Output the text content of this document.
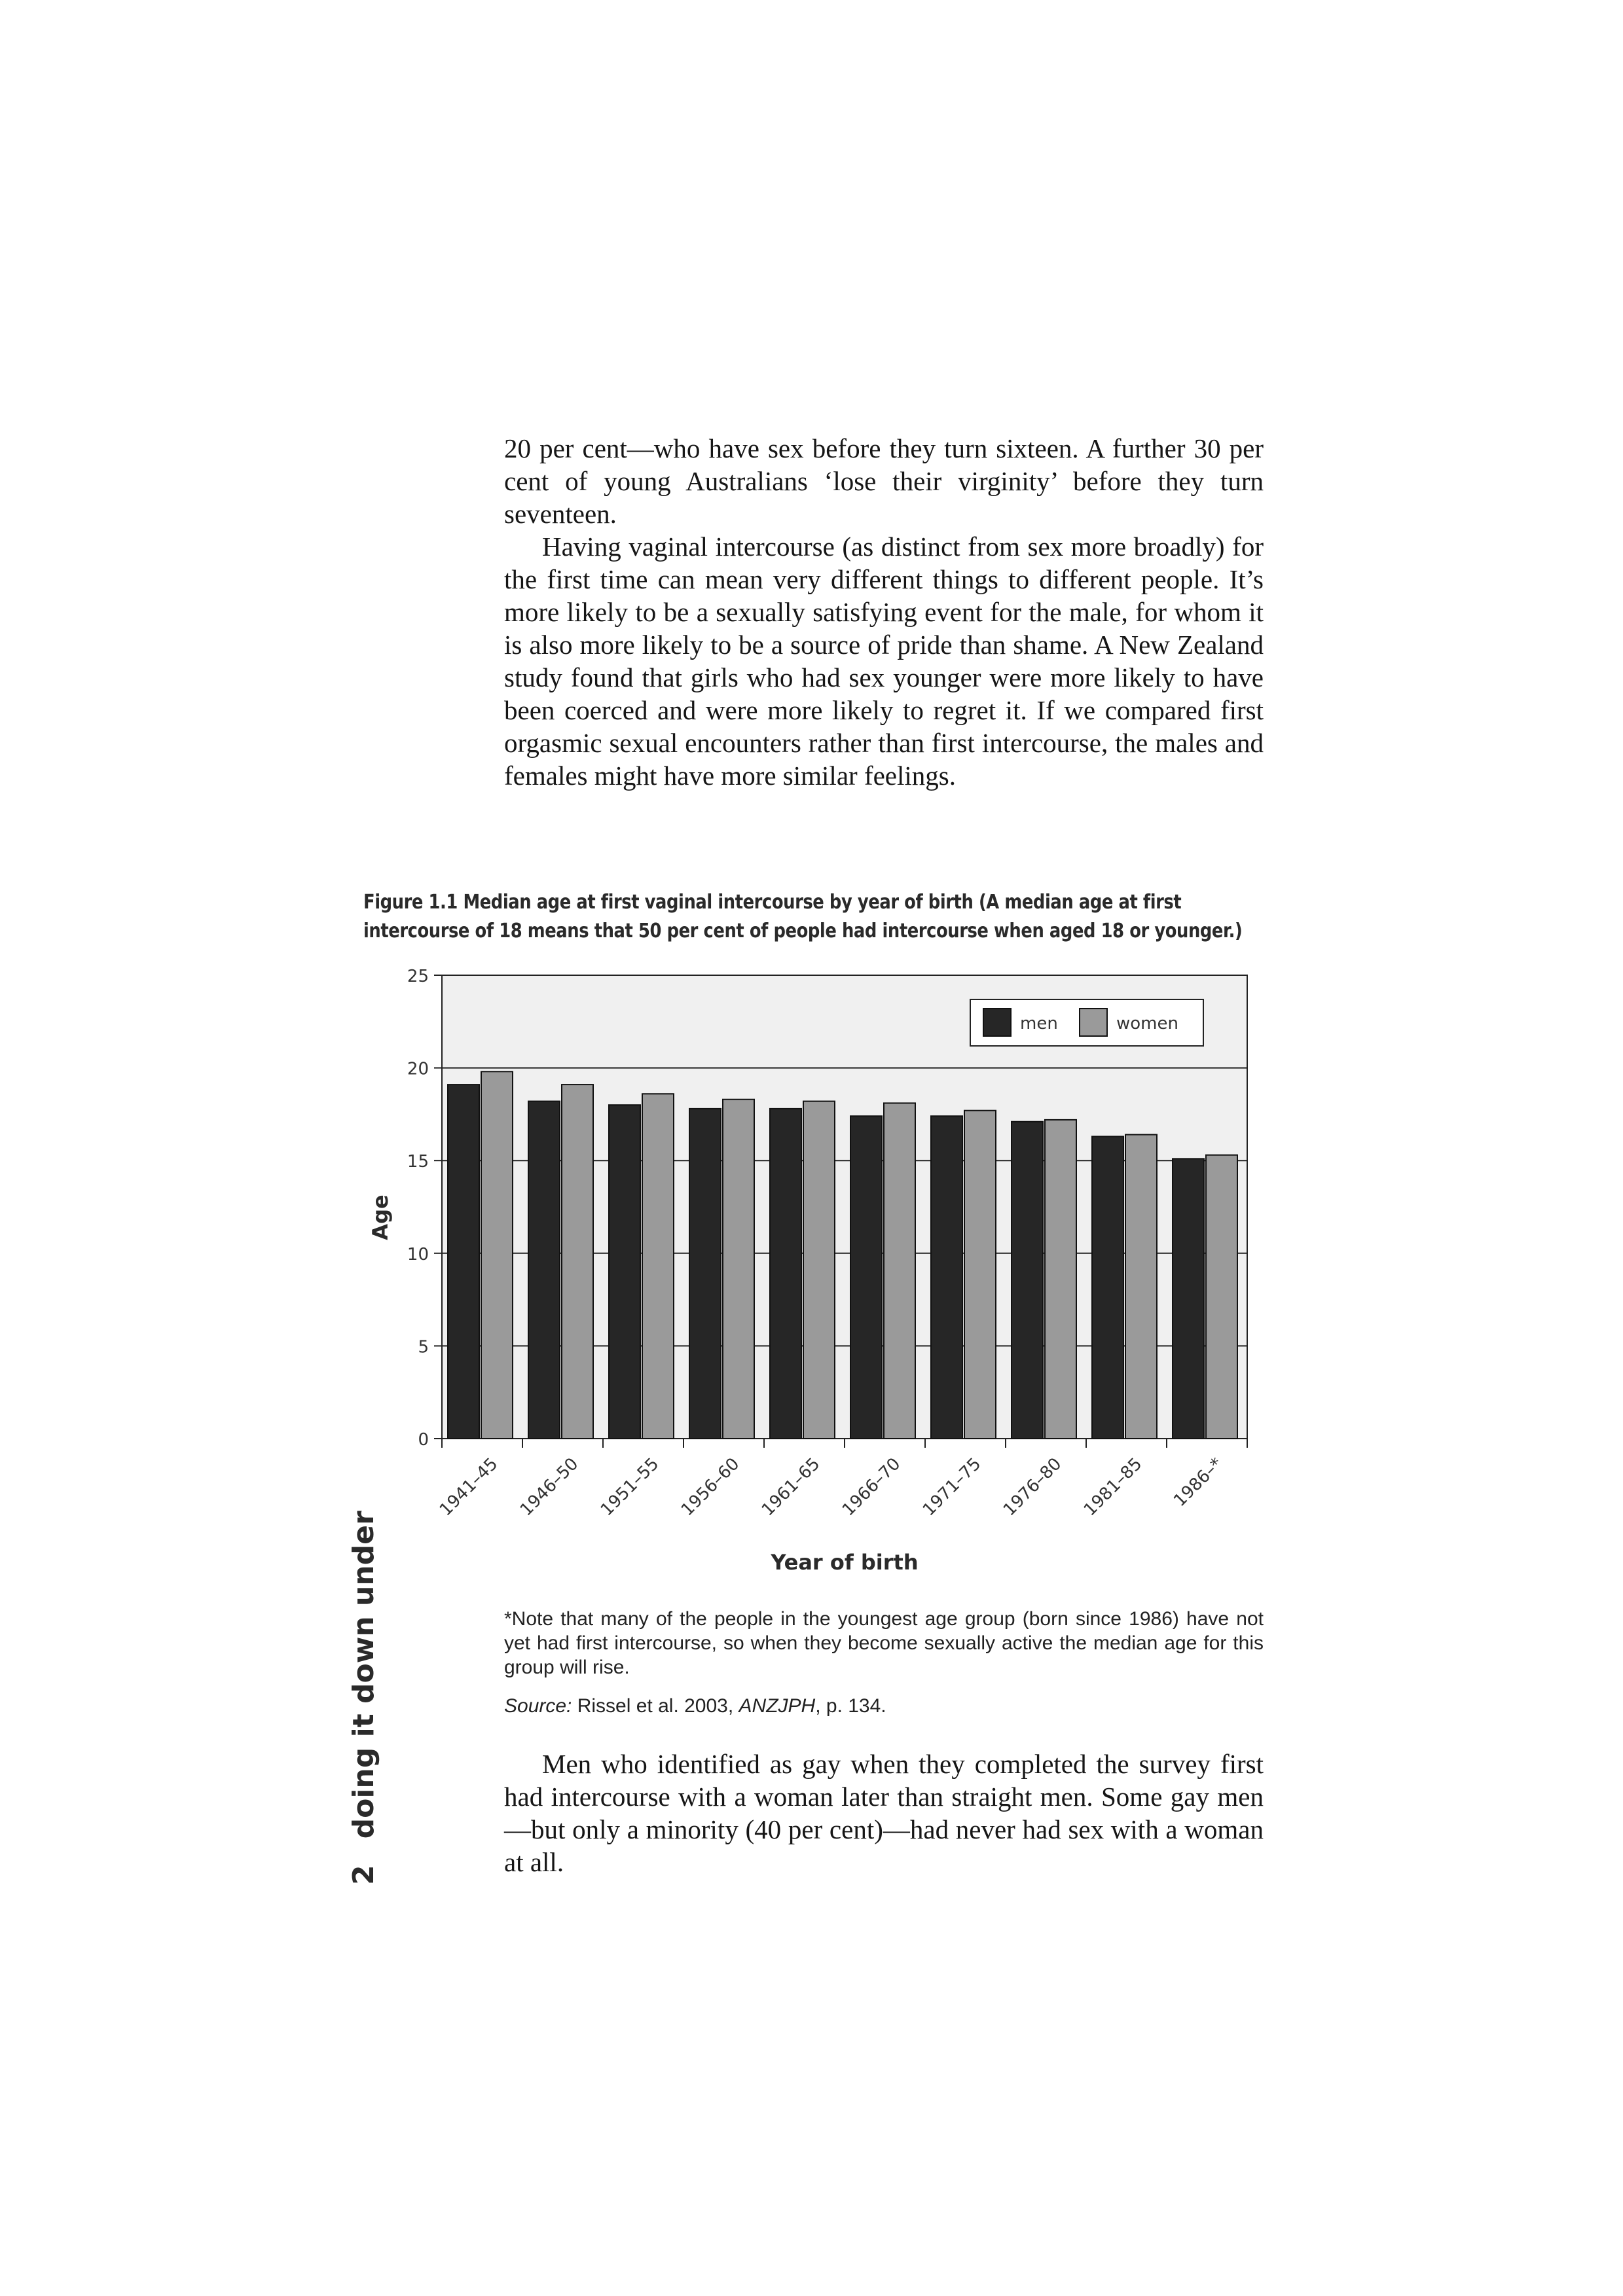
20 per cent—who have sex before they turn sixteen. A further 30 per cent of young Australians ‘lose their virginity’ before they turn seventeen.

Having vaginal intercourse (as distinct from sex more broadly) for the first time can mean very different things to different people. It’s more likely to be a sexually satisfying event for the male, for whom it is also more likely to be a source of pride than shame. A New Zealand study found that girls who had sex younger were more likely to have been coerced and were more likely to regret it. If we compared first orgasmic sexual encounters rather than first intercourse, the males and females might have more similar feelings.

Figure 1.1 Median age at first vaginal intercourse by year of birth (A median age at first intercourse of 18 means that 50 per cent of people had intercourse when aged 18 or younger.)
0
5
10
15
20
25
1941–45 1946–50 1951–55 1956–60 1961–65 1966–70 1971–75 1976–80 1981–85 1986–*
Year of birth
Age
men	women

*Note that many of the people in the youngest age group (born since 1986) have not yet had first intercourse, so when they become sexually active the median age for this group will rise.

Source: Rissel et al. 2003, ANZJPH, p. 134.

Men who identified as gay when they completed the survey first had intercourse with a woman later than straight men. Some gay men—but only a minority (40 per cent)—had never had sex with a woman at all.

2doing it down under
